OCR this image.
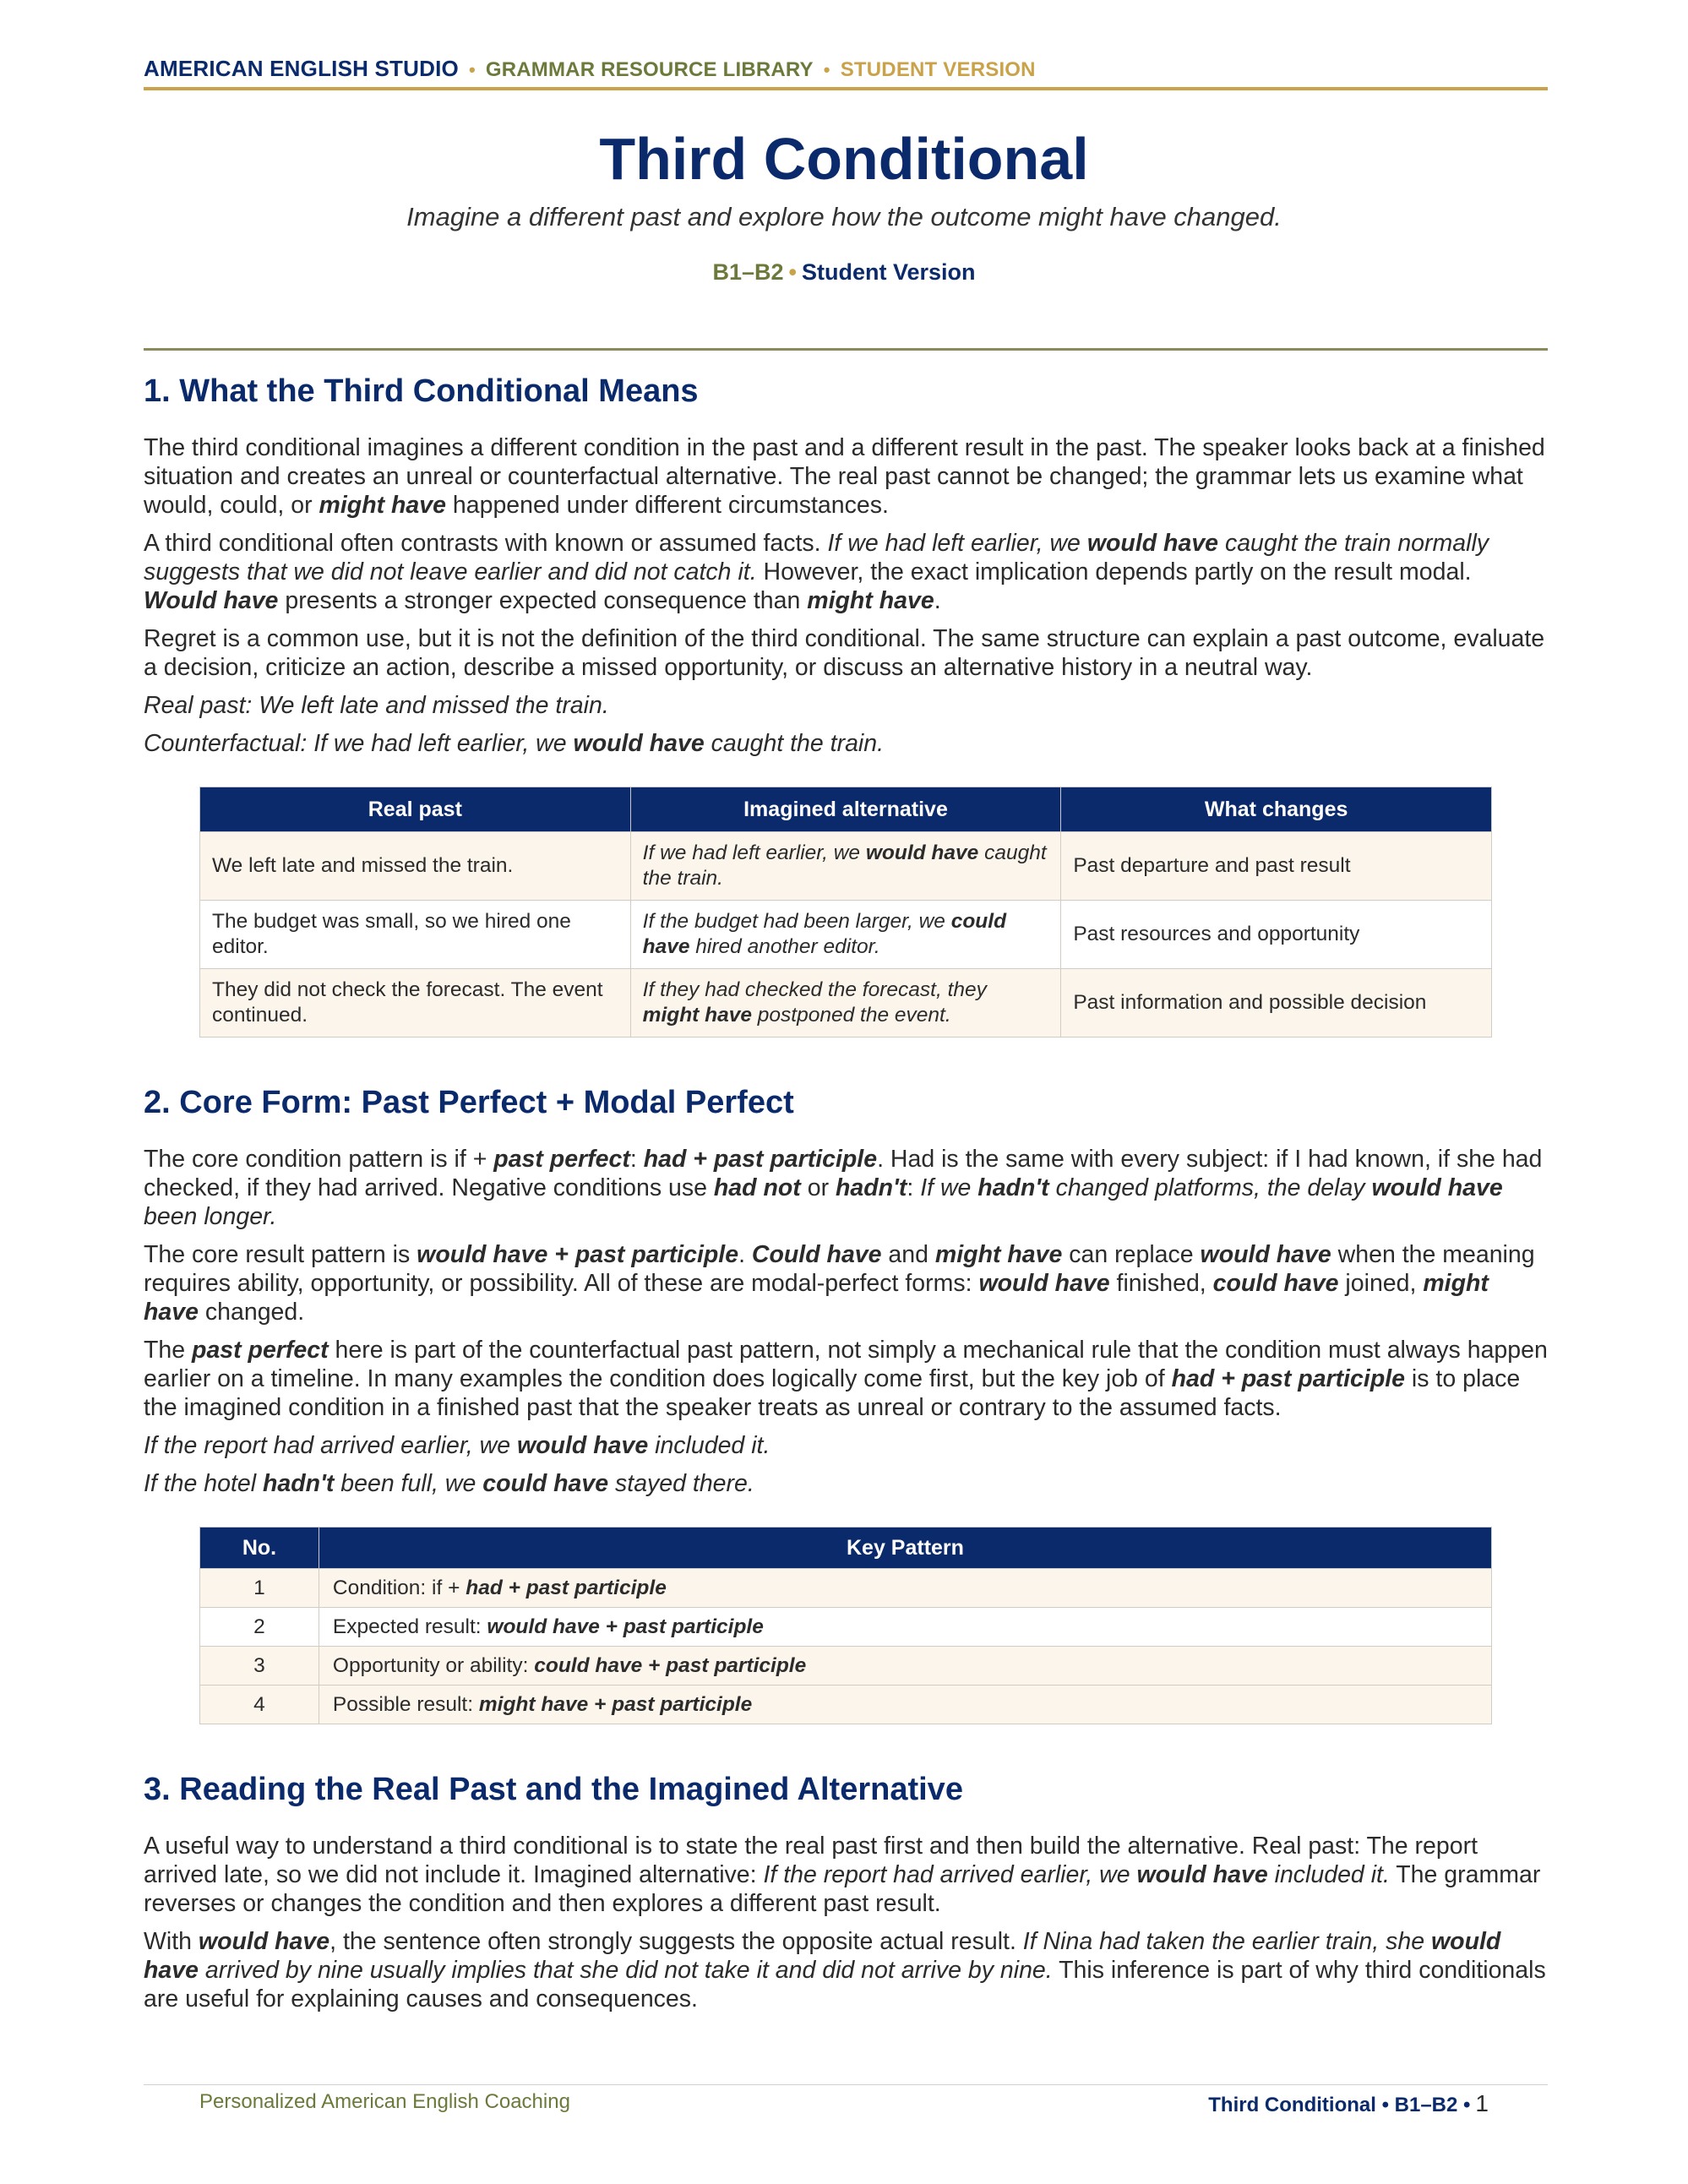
AMERICAN ENGLISH STUDIO • GRAMMAR RESOURCE LIBRARY • STUDENT VERSION
Third Conditional

Imagine a different past and explore how the outcome might have changed.

B1–B2 • Student Version
1. What the Third Conditional Means

The third conditional imagines a different condition in the past and a different result in the past. The speaker looks back at a finished situation and creates an unreal or counterfactual alternative. The real past cannot be changed; the grammar lets us examine what would, could, or might have happened under different circumstances.

A third conditional often contrasts with known or assumed facts. If we had left earlier, we would have caught the train normally suggests that we did not leave earlier and did not catch it. However, the exact implication depends partly on the result modal. Would have presents a stronger expected consequence than might have.

Regret is a common use, but it is not the definition of the third conditional. The same structure can explain a past outcome, evaluate a decision, criticize an action, describe a missed opportunity, or discuss an alternative history in a neutral way.

Real past: We left late and missed the train.

Counterfactual: If we had left earlier, we would have caught the train.

Real past	Imagined alternative	What changes
We left late and missed the train.	If we had left earlier, we would have caught the train.	Past departure and past result
The budget was small, so we hired one editor.	If the budget had been larger, we could have hired another editor.	Past resources and opportunity
They did not check the forecast. The event continued.	If they had checked the forecast, they might have postponed the event.	Past information and possible decision
2. Core Form: Past Perfect + Modal Perfect

The core condition pattern is if + past perfect: had + past participle. Had is the same with every subject: if I had known, if she had checked, if they had arrived. Negative conditions use had not or hadn't: If we hadn't changed platforms, the delay would have been longer.

The core result pattern is would have + past participle. Could have and might have can replace would have when the meaning requires ability, opportunity, or possibility. All of these are modal-perfect forms: would have finished, could have joined, might have changed.

The past perfect here is part of the counterfactual past pattern, not simply a mechanical rule that the condition must always happen earlier on a timeline. In many examples the condition does logically come first, but the key job of had + past participle is to place the imagined condition in a finished past that the speaker treats as unreal or contrary to the assumed facts.

If the report had arrived earlier, we would have included it.

If the hotel hadn't been full, we could have stayed there.

No.	Key Pattern
1	Condition: if + had + past participle
2	Expected result: would have + past participle
3	Opportunity or ability: could have + past participle
4	Possible result: might have + past participle
3. Reading the Real Past and the Imagined Alternative

A useful way to understand a third conditional is to state the real past first and then build the alternative. Real past: The report arrived late, so we did not include it. Imagined alternative: If the report had arrived earlier, we would have included it. The grammar reverses or changes the condition and then explores a different past result.

With would have, the sentence often strongly suggests the opposite actual result. If Nina had taken the earlier train, she would have arrived by nine usually implies that she did not take it and did not arrive by nine. This inference is part of why third conditionals are useful for explaining causes and consequences.

Personalized American English Coaching	Third Conditional • B1–B2 • 1
